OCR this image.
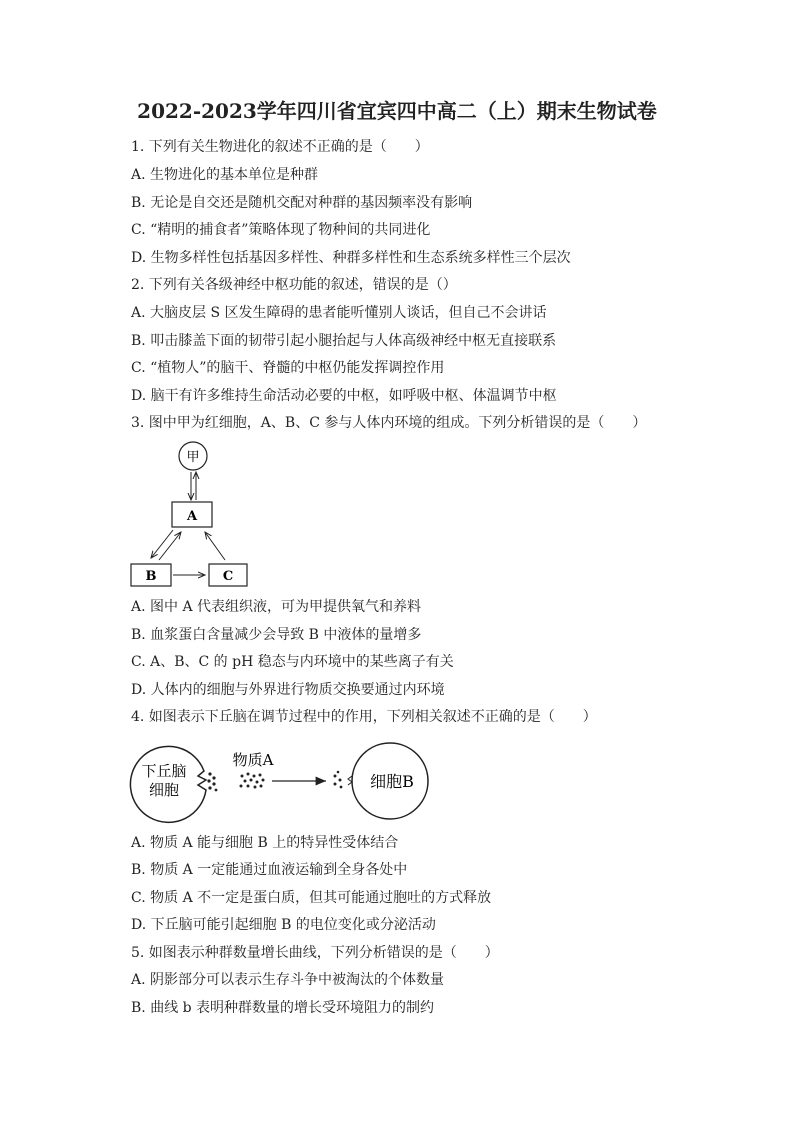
2022-2023学年四川省宜宾四中高二（上）期末生物试卷
1. 下列有关生物进化的叙述不正确的是（　　）
A. 生物进化的基本单位是种群
B. 无论是自交还是随机交配对种群的基因频率没有影响
C. “精明的捕食者”策略体现了物种间的共同进化
D. 生物多样性包括基因多样性、种群多样性和生态系统多样性三个层次
2. 下列有关各级神经中枢功能的叙述，错误的是（）
A. 大脑皮层 S 区发生障碍的患者能听懂别人谈话，但自己不会讲话
B. 叩击膝盖下面的韧带引起小腿抬起与人体高级神经中枢无直接联系
C. “植物人”的脑干、脊髓的中枢仍能发挥调控作用
D. 脑干有许多维持生命活动必要的中枢，如呼吸中枢、体温调节中枢
3. 图中甲为红细胞，A、B、C 参与人体内环境的组成。下列分析错误的是（　　）
甲
A
B	C
A. 图中 A 代表组织液，可为甲提供氧气和养料
B. 血浆蛋白含量减少会导致 B 中液体的量增多
C. A、B、C 的 pH 稳态与内环境中的某些离子有关
D. 人体内的细胞与外界进行物质交换要通过内环境
4. 如图表示下丘脑在调节过程中的作用，下列相关叙述不正确的是（　　）
下丘脑
细胞
物质A
细胞B
A. 物质 A 能与细胞 B 上的特异性受体结合
B. 物质 A 一定能通过血液运输到全身各处中
C. 物质 A 不一定是蛋白质，但其可能通过胞吐的方式释放
D. 下丘脑可能引起细胞 B 的电位变化或分泌活动
5. 如图表示种群数量增长曲线，下列分析错误的是（　　）
A. 阴影部分可以表示生存斗争中被淘汰的个体数量
B. 曲线 b 表明种群数量的增长受环境阻力的制约
